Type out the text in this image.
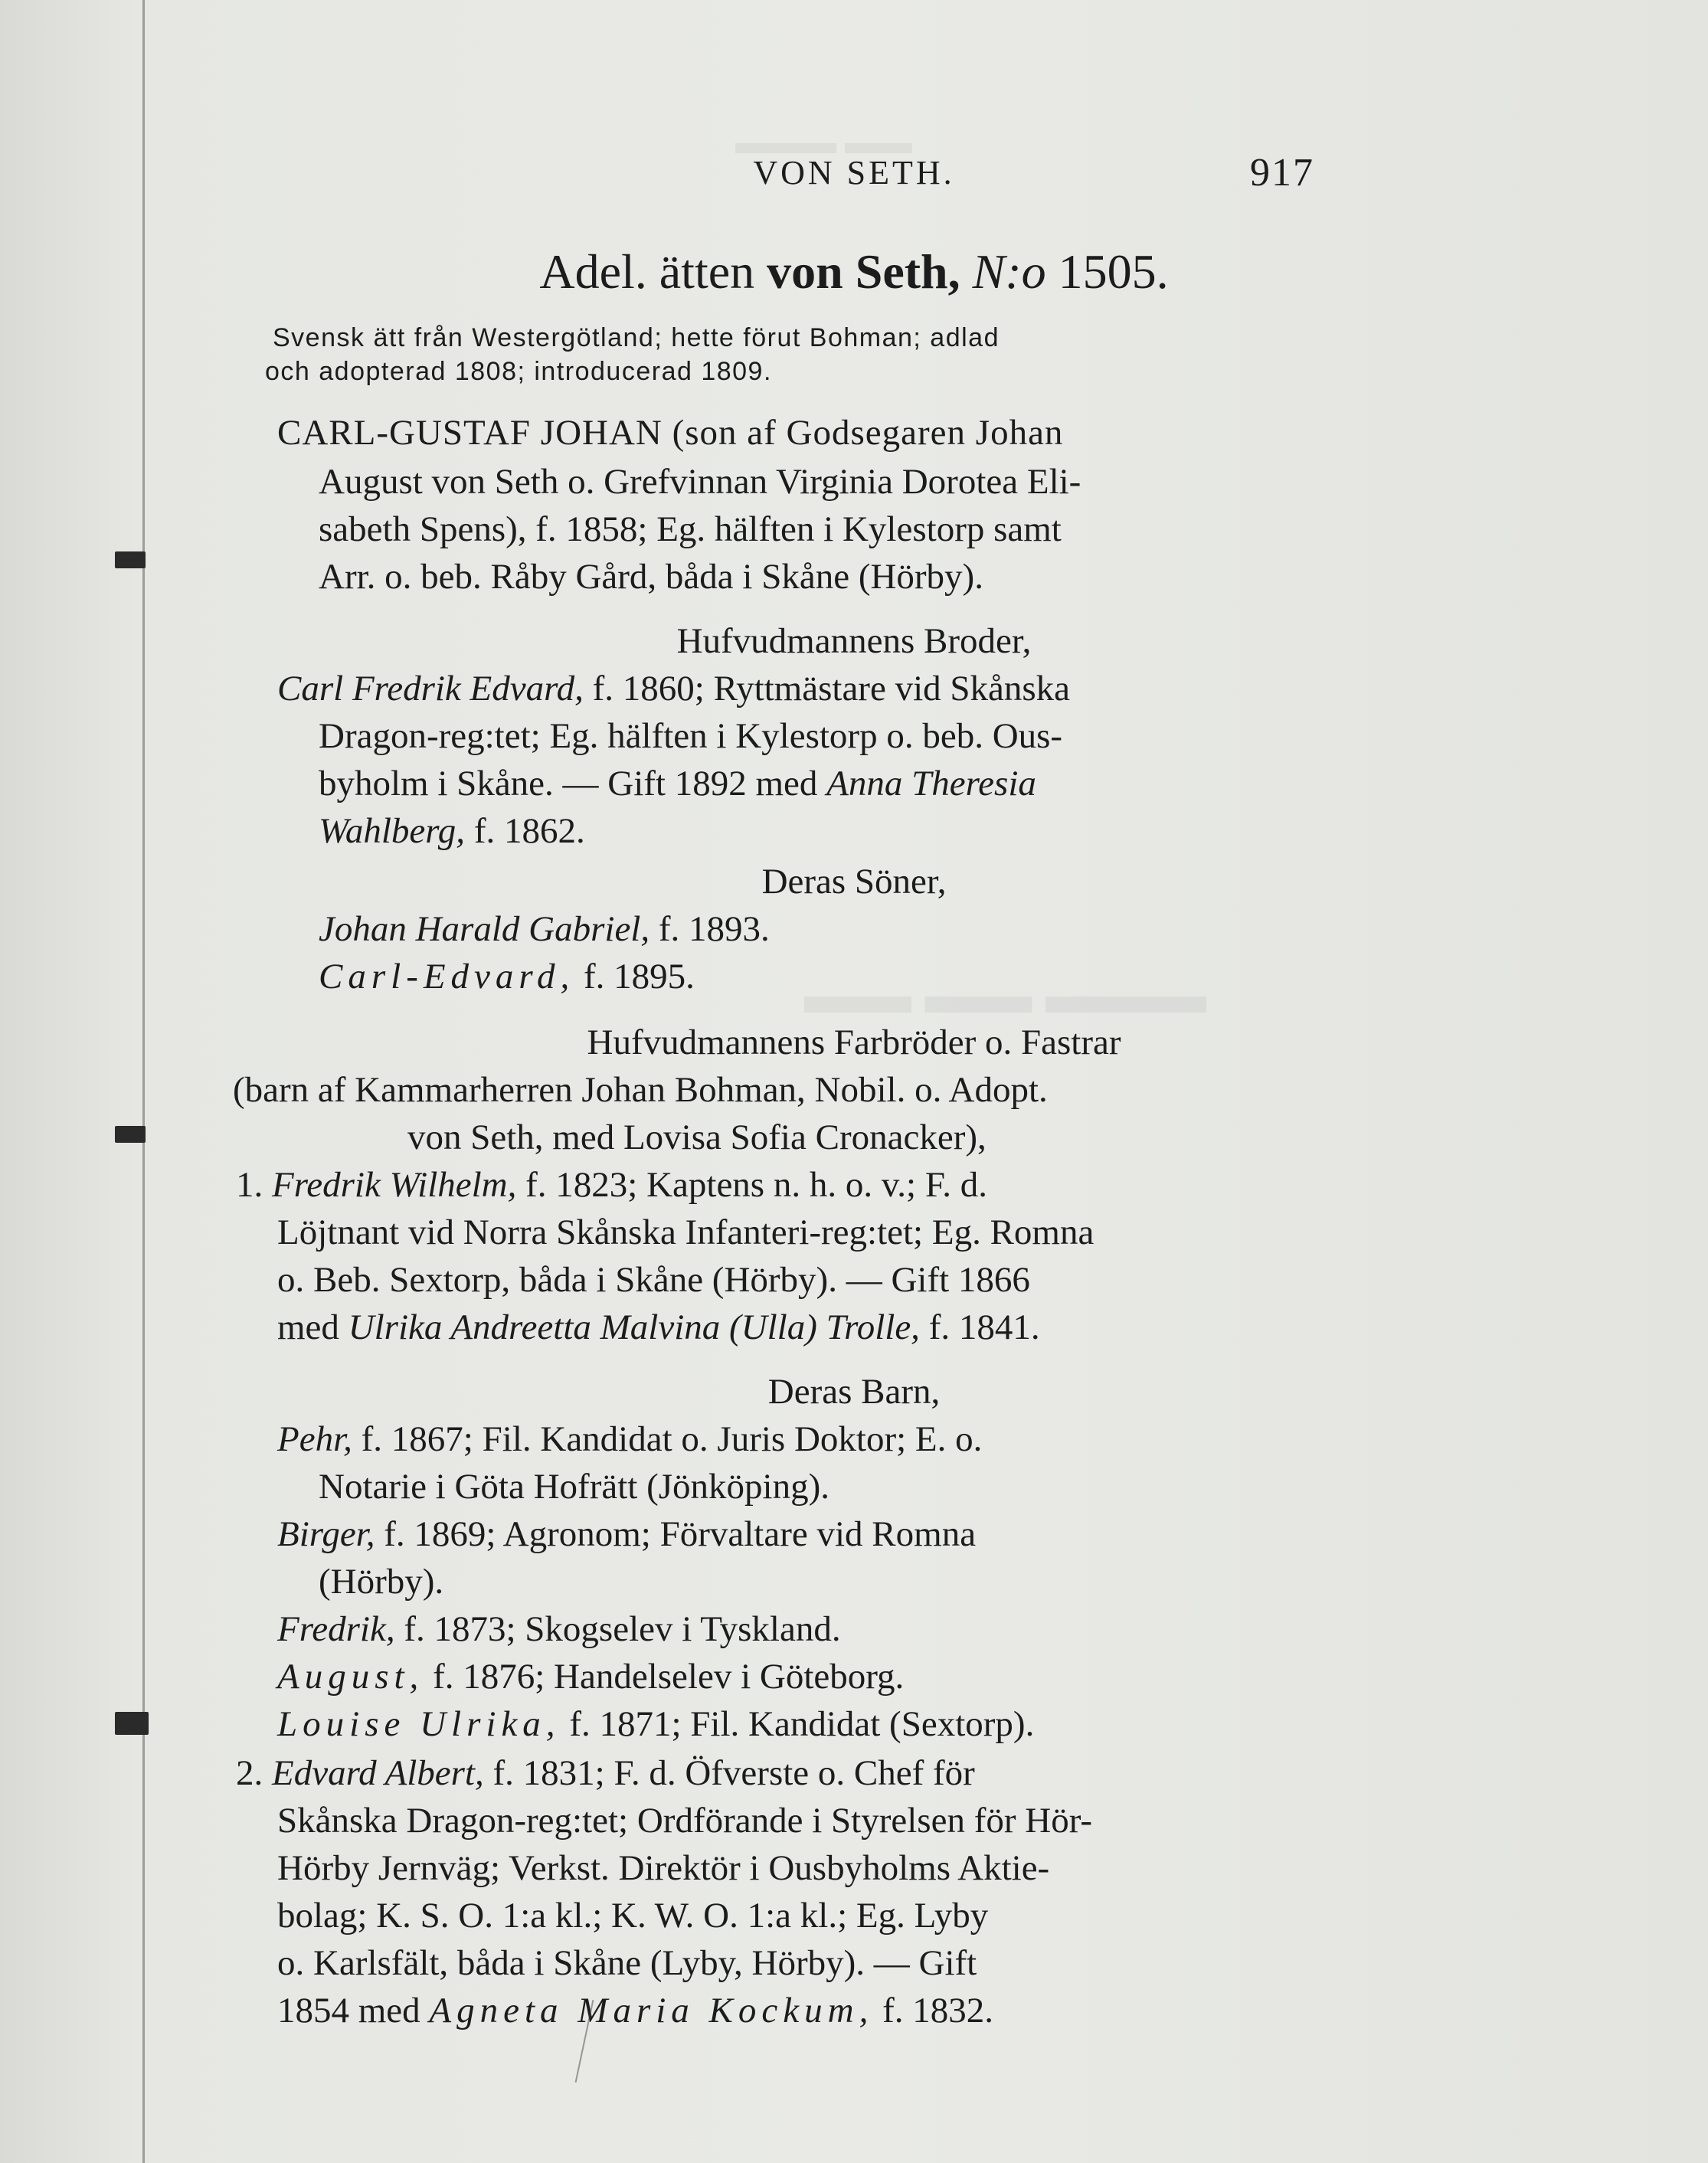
▬▬ ▬▬▬
▬▬▬ ▬▬ ▬▬
VON SETH.	917
Adel. ätten von Seth, N:o 1505.
Svensk ätt från Westergötland; hette förut Bohman; adlad
och adopterad 1808; introducerad 1809.
CARL-GUSTAF JOHAN (son af Godsegaren Johan
August von Seth o. Grefvinnan Virginia Dorotea Eli-
sabeth Spens), f. 1858; Eg. hälften i Kylestorp samt
Arr. o. beb. Råby Gård, båda i Skåne (Hörby).
Hufvudmannens Broder,
Carl Fredrik Edvard, f. 1860; Ryttmästare vid Skånska
Dragon-reg:tet; Eg. hälften i Kylestorp o. beb. Ous-
byholm i Skåne. — Gift 1892 med Anna Theresia
Wahlberg, f. 1862.
Deras Söner,
Johan Harald Gabriel, f. 1893.
Carl-Edvard, f. 1895.
Hufvudmannens Farbröder o. Fastrar
(barn af Kammarherren Johan Bohman, Nobil. o. Adopt.
von Seth, med Lovisa Sofia Cronacker),
1. Fredrik Wilhelm, f. 1823; Kaptens n. h. o. v.; F. d.
Löjtnant vid Norra Skånska Infanteri-reg:tet; Eg. Romna
o. Beb. Sextorp, båda i Skåne (Hörby). — Gift 1866
med Ulrika Andreetta Malvina (Ulla) Trolle, f. 1841.
Deras Barn,
Pehr, f. 1867; Fil. Kandidat o. Juris Doktor; E. o.
Notarie i Göta Hofrätt (Jönköping).
Birger, f. 1869; Agronom; Förvaltare vid Romna
(Hörby).
Fredrik, f. 1873; Skogselev i Tyskland.
August, f. 1876; Handelselev i Göteborg.
Louise Ulrika, f. 1871; Fil. Kandidat (Sextorp).
2. Edvard Albert, f. 1831; F. d. Öfverste o. Chef för
Skånska Dragon-reg:tet; Ordförande i Styrelsen för Hör-
Hörby Jernväg; Verkst. Direktör i Ousbyholms Aktie-
bolag; K. S. O. 1:a kl.; K. W. O. 1:a kl.; Eg. Lyby
o. Karlsfält, båda i Skåne (Lyby, Hörby). — Gift
1854 med Agneta Maria Kockum, f. 1832.
